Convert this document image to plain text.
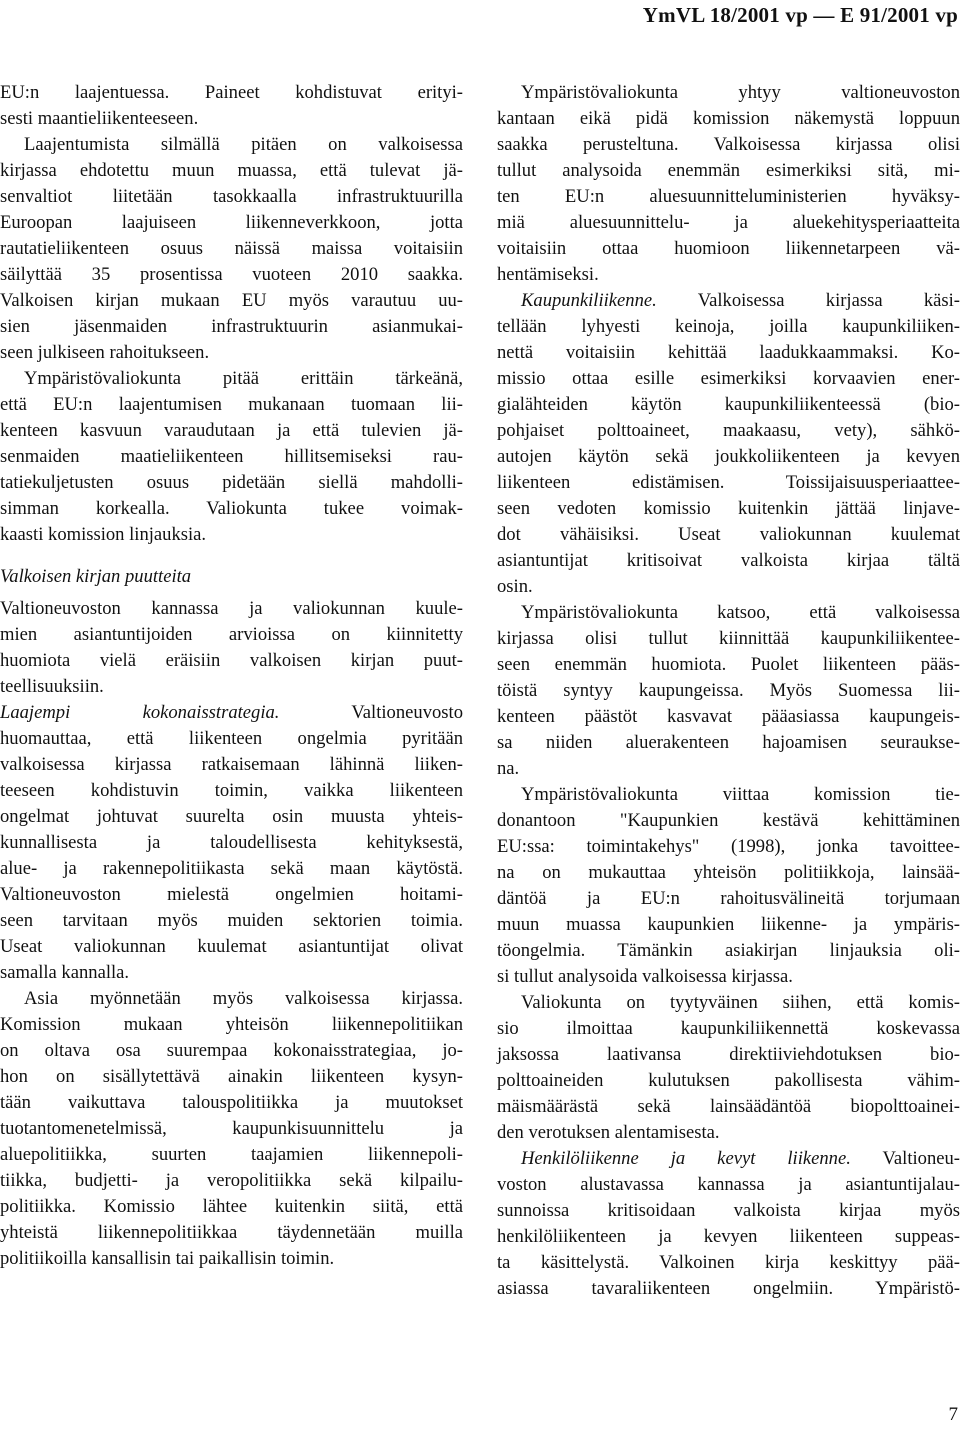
YmVL 18/2001 vp — E 91/2001 vp
EU:n laajentuessa. Paineet kohdistuvat erityi-
sesti maantieliikenteeseen.
Laajentumista silmällä pitäen on valkoisessa
kirjassa ehdotettu muun muassa, että tulevat jä-
senvaltiot liitetään tasokkaalla infrastruktuurilla
Euroopan laajuiseen liikenneverkkoon, jotta
rautatieliikenteen osuus näissä maissa voitaisiin
säilyttää 35 prosentissa vuoteen 2010 saakka.
Valkoisen kirjan mukaan EU myös varautuu uu-
sien jäsenmaiden infrastruktuurin asianmukai-
seen julkiseen rahoitukseen.
Ympäristövaliokunta pitää erittäin tärkeänä,
että EU:n laajentumisen mukanaan tuomaan lii-
kenteen kasvuun varaudutaan ja että tulevien jä-
senmaiden maatieliikenteen hillitsemiseksi rau-
tatiekuljetusten osuus pidetään siellä mahdolli-
simman korkealla. Valiokunta tukee voimak-
kaasti komission linjauksia.
Valkoisen kirjan puutteita
Valtioneuvoston kannassa ja valiokunnan kuule-
mien asiantuntijoiden arvioissa on kiinnitetty
huomiota vielä eräisiin valkoisen kirjan puut-
teellisuuksiin.
Laajempi kokonaisstrategia. Valtioneuvosto
huomauttaa, että liikenteen ongelmia pyritään
valkoisessa kirjassa ratkaisemaan lähinnä liiken-
teeseen kohdistuvin toimin, vaikka liikenteen
ongelmat johtuvat suurelta osin muusta yhteis-
kunnallisesta ja taloudellisesta kehityksestä,
alue- ja rakennepolitiikasta sekä maan käytöstä.
Valtioneuvoston mielestä ongelmien hoitami-
seen tarvitaan myös muiden sektorien toimia.
Useat valiokunnan kuulemat asiantuntijat olivat
samalla kannalla.
Asia myönnetään myös valkoisessa kirjassa.
Komission mukaan yhteisön liikennepolitiikan
on oltava osa suurempaa kokonaisstrategiaa, jo-
hon on sisällytettävä ainakin liikenteen kysyn-
tään vaikuttava talouspolitiikka ja muutokset
tuotantomenetelmissä, kaupunkisuunnittelu ja
aluepolitiikka, suurten taajamien liikennepoli-
tiikka, budjetti- ja veropolitiikka sekä kilpailu-
politiikka. Komissio lähtee kuitenkin siitä, että
yhteistä liikennepolitiikkaa täydennetään muilla
politiikoilla kansallisin tai paikallisin toimin.
Ympäristövaliokunta yhtyy valtioneuvoston
kantaan eikä pidä komission näkemystä loppuun
saakka perusteltuna. Valkoisessa kirjassa olisi
tullut analysoida enemmän esimerkiksi sitä, mi-
ten EU:n aluesuunnitteluministerien hyväksy-
miä aluesuunnittelu- ja aluekehitysperiaatteita
voitaisiin ottaa huomioon liikennetarpeen vä-
hentämiseksi.
Kaupunkiliikenne. Valkoisessa kirjassa käsi-
tellään lyhyesti keinoja, joilla kaupunkiliiken-
nettä voitaisiin kehittää laadukkaammaksi. Ko-
missio ottaa esille esimerkiksi korvaavien ener-
gialähteiden käytön kaupunkiliikenteessä (bio-
pohjaiset polttoaineet, maakaasu, vety), sähkö-
autojen käytön sekä joukkoliikenteen ja kevyen
liikenteen edistämisen. Toissijaisuusperiaattee-
seen vedoten komissio kuitenkin jättää linjave-
dot vähäisiksi. Useat valiokunnan kuulemat
asiantuntijat kritisoivat valkoista kirjaa tältä
osin.
Ympäristövaliokunta katsoo, että valkoisessa
kirjassa olisi tullut kiinnittää kaupunkiliikentee-
seen enemmän huomiota. Puolet liikenteen pääs-
töistä syntyy kaupungeissa. Myös Suomessa lii-
kenteen päästöt kasvavat pääasiassa kaupungeis-
sa niiden aluerakenteen hajoamisen seuraukse-
na.
Ympäristövaliokunta viittaa komission tie-
donantoon "Kaupunkien kestävä kehittäminen
EU:ssa: toimintakehys" (1998), jonka tavoittee-
na on mukauttaa yhteisön politiikkoja, lainsää-
däntöä ja EU:n rahoitusvälineitä torjumaan
muun muassa kaupunkien liikenne- ja ympäris-
töongelmia. Tämänkin asiakirjan linjauksia oli-
si tullut analysoida valkoisessa kirjassa.
Valiokunta on tyytyväinen siihen, että komis-
sio ilmoittaa kaupunkiliikennettä koskevassa
jaksossa laativansa direktiiviehdotuksen bio-
polttoaineiden kulutuksen pakollisesta vähim-
mäismäärästä sekä lainsäädäntöä biopolttoainei-
den verotuksen alentamisesta.
Henkilöliikenne ja kevyt liikenne. Valtioneu-
voston alustavassa kannassa ja asiantuntijalau-
sunnoissa kritisoidaan valkoista kirjaa myös
henkilöliikenteen ja kevyen liikenteen suppeas-
ta käsittelystä. Valkoinen kirja keskittyy pää-
asiassa tavaraliikenteen ongelmiin. Ympäristö-
7
